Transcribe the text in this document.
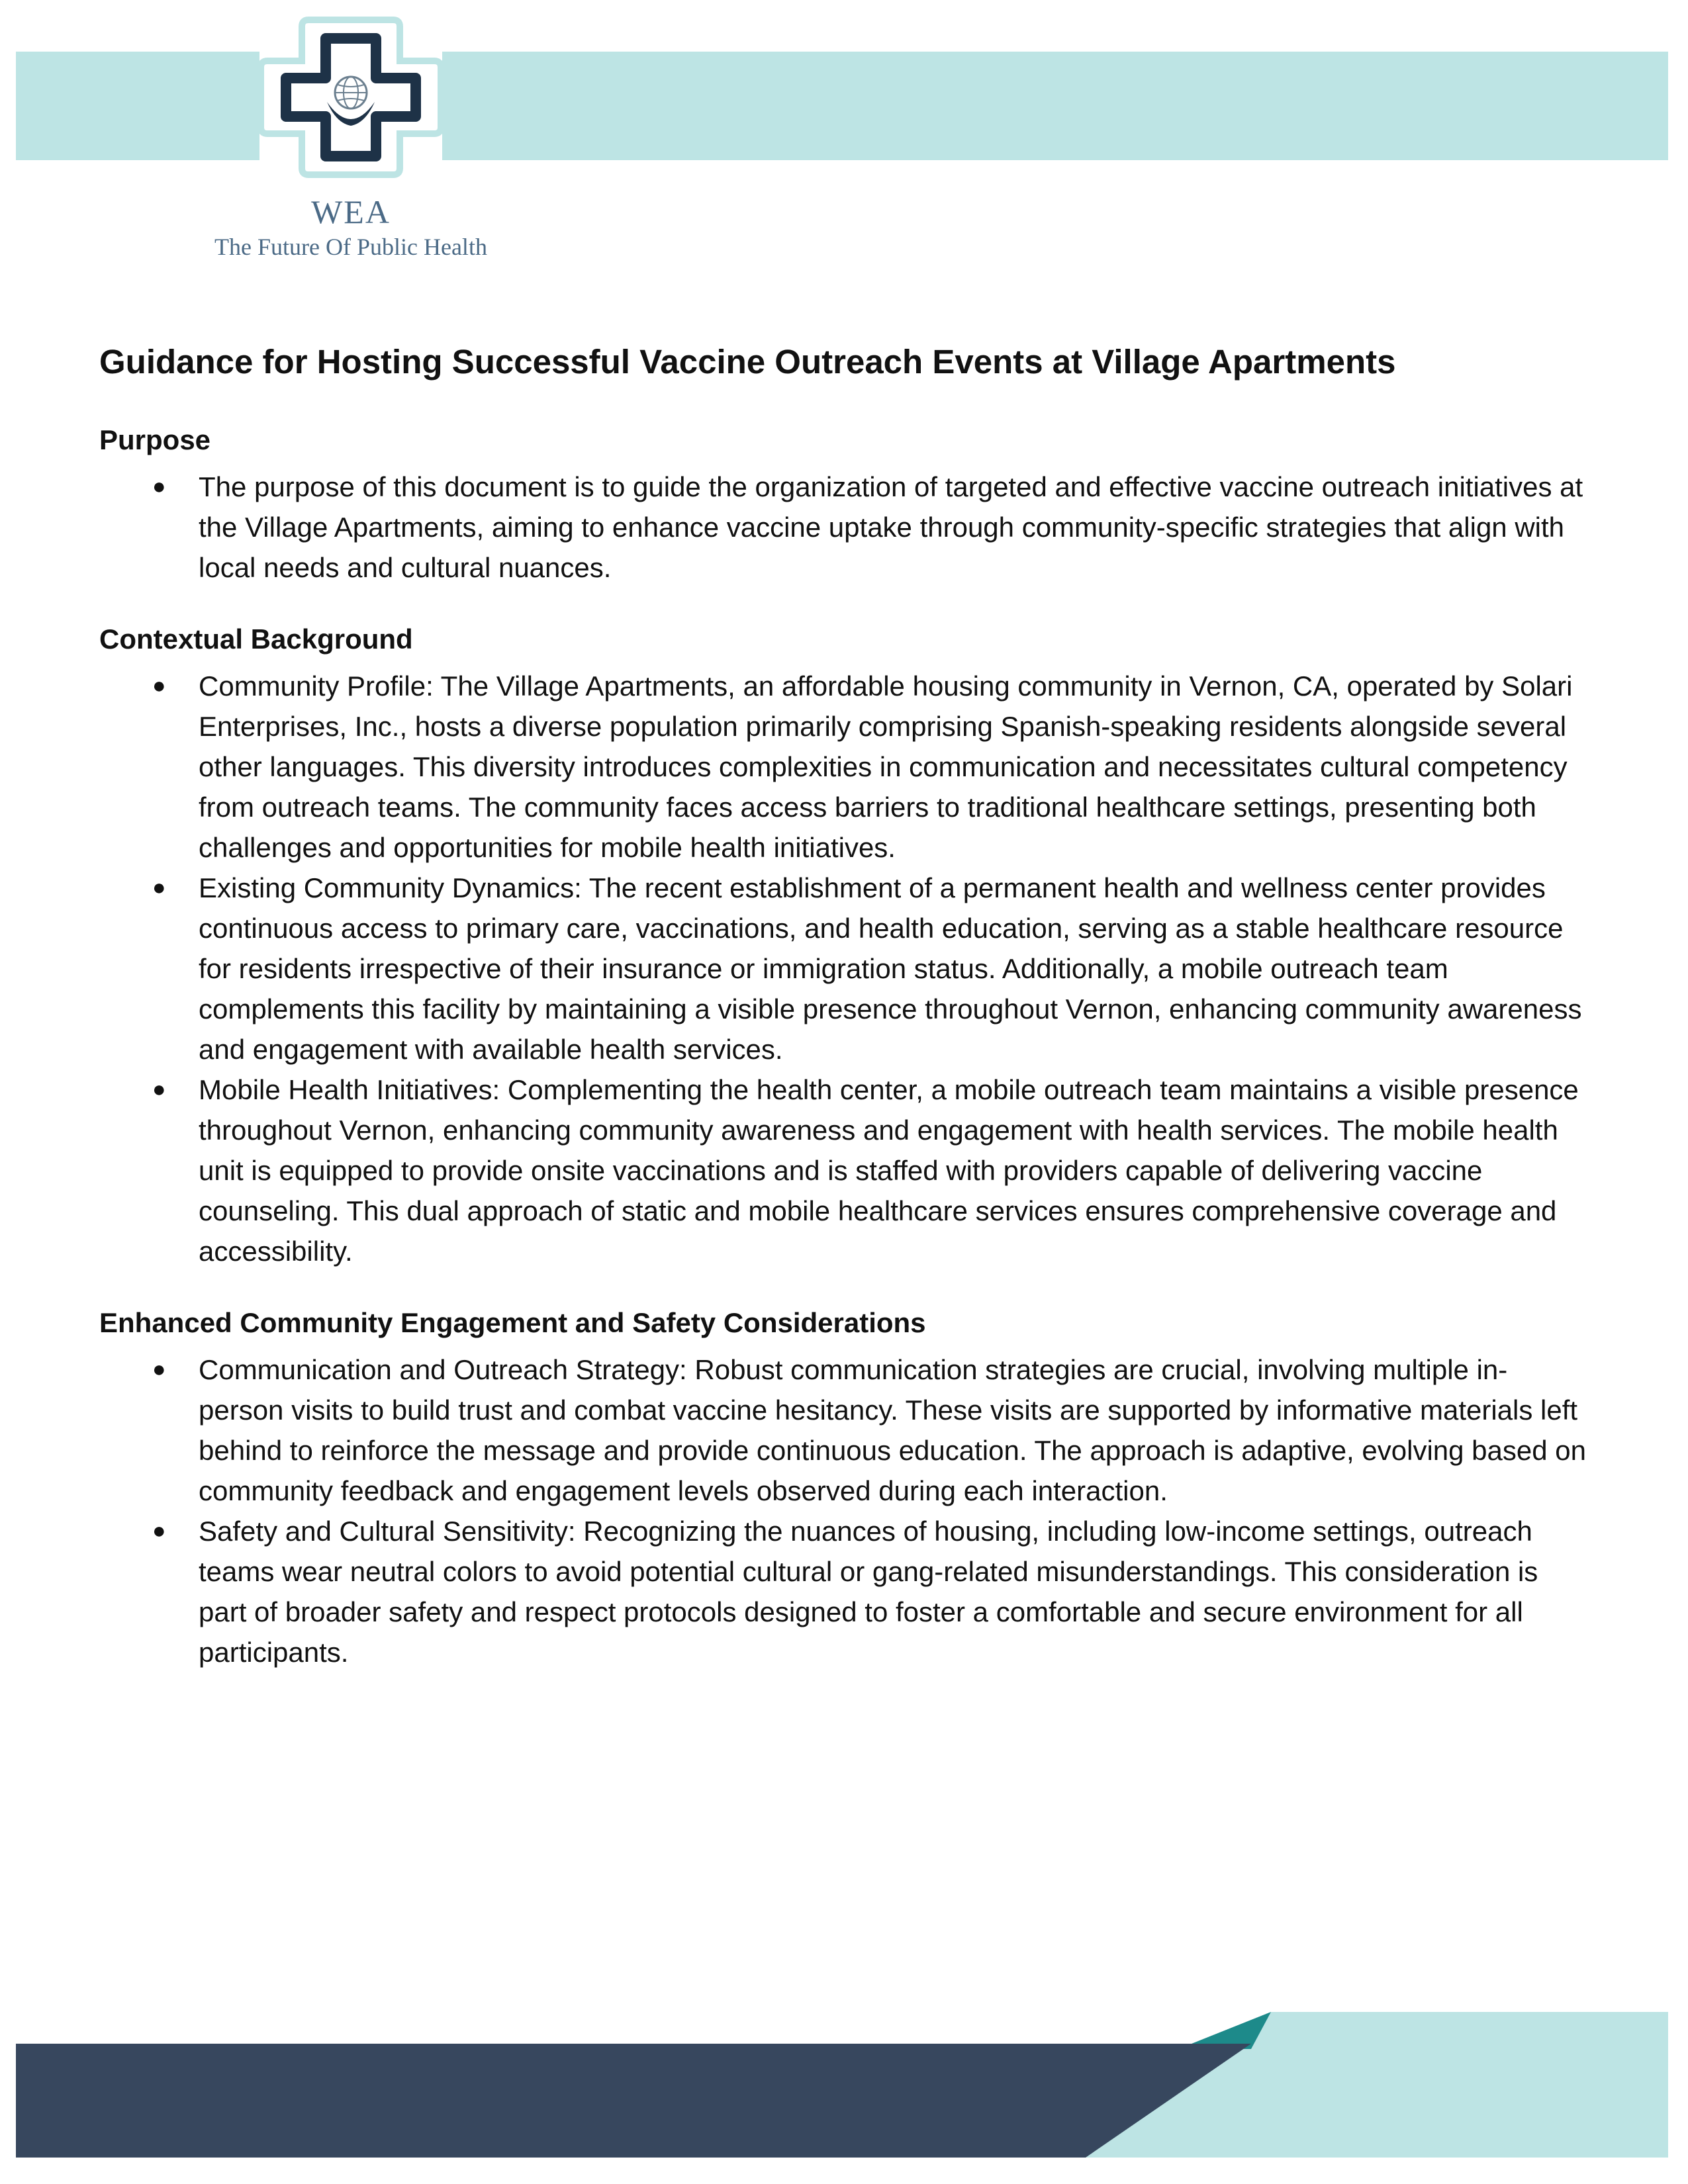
WEA
The Future Of Public Health
Guidance for Hosting Successful Vaccine Outreach Events at Village Apartments
Purpose
● The purpose of this document is to guide the organization of targeted and effective vaccine outreach initiatives at the Village Apartments, aiming to enhance vaccine uptake through community-specific strategies that align with local needs and cultural nuances.
Contextual Background
● Community Profile: The Village Apartments, an affordable housing community in Vernon, CA, operated by Solari Enterprises, Inc., hosts a diverse population primarily comprising Spanish-speaking residents alongside several other languages. This diversity introduces complexities in communication and necessitates cultural competency from outreach teams. The community faces access barriers to traditional healthcare settings, presenting both challenges and opportunities for mobile health initiatives.
● Existing Community Dynamics: The recent establishment of a permanent health and wellness center provides continuous access to primary care, vaccinations, and health education, serving as a stable healthcare resource for residents irrespective of their insurance or immigration status. Additionally, a mobile outreach team complements this facility by maintaining a visible presence throughout Vernon, enhancing community awareness and engagement with available health services.
● Mobile Health Initiatives: Complementing the health center, a mobile outreach team maintains a visible presence throughout Vernon, enhancing community awareness and engagement with health services. The mobile health unit is equipped to provide onsite vaccinations and is staffed with providers capable of delivering vaccine counseling. This dual approach of static and mobile healthcare services ensures comprehensive coverage and accessibility.
Enhanced Community Engagement and Safety Considerations
● Communication and Outreach Strategy: Robust communication strategies are crucial, involving multiple in-person visits to build trust and combat vaccine hesitancy. These visits are supported by informative materials left behind to reinforce the message and provide continuous education. The approach is adaptive, evolving based on community feedback and engagement levels observed during each interaction.
● Safety and Cultural Sensitivity: Recognizing the nuances of housing, including low-income settings, outreach teams wear neutral colors to avoid potential cultural or gang-related misunderstandings. This consideration is part of broader safety and respect protocols designed to foster a comfortable and secure environment for all participants.
